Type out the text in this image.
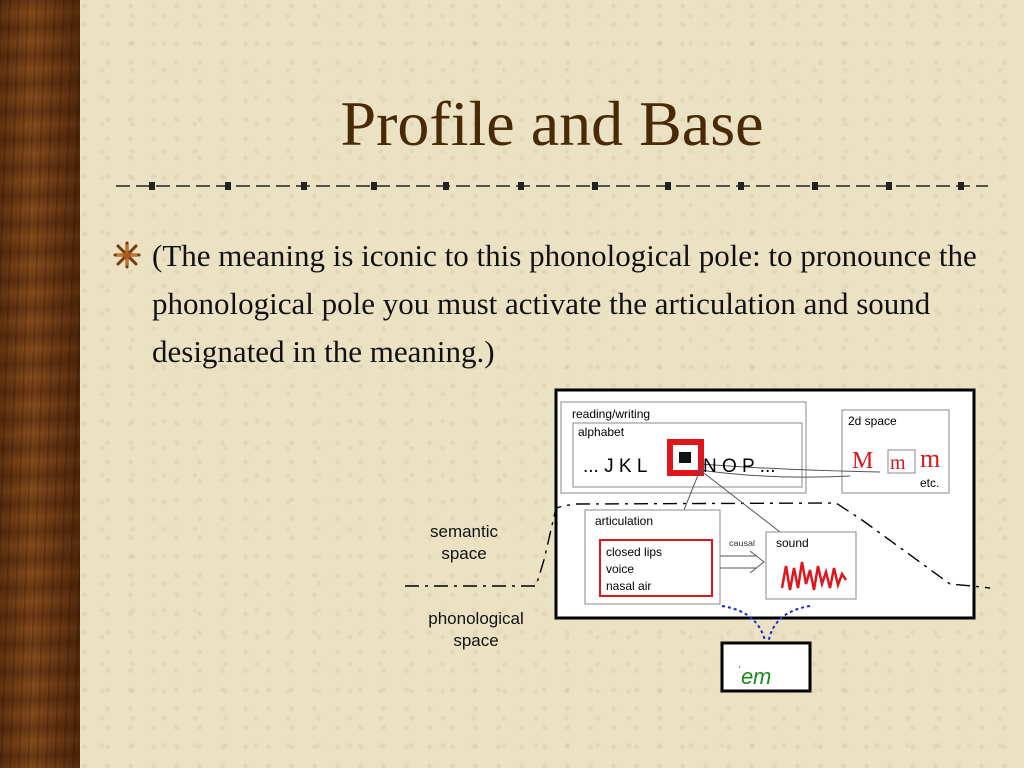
Profile and Base

(The meaning is iconic to this phonological pole: to pronounce the phonological pole you must activate the articulation and sound designated in the meaning.)

reading/writing
alphabet
... J K L	N O P ...
2d space
M m m
etc.
articulation
closed lips
voice
nasal air
causal sound
ˈ e m
semantic
space
phonological
space
